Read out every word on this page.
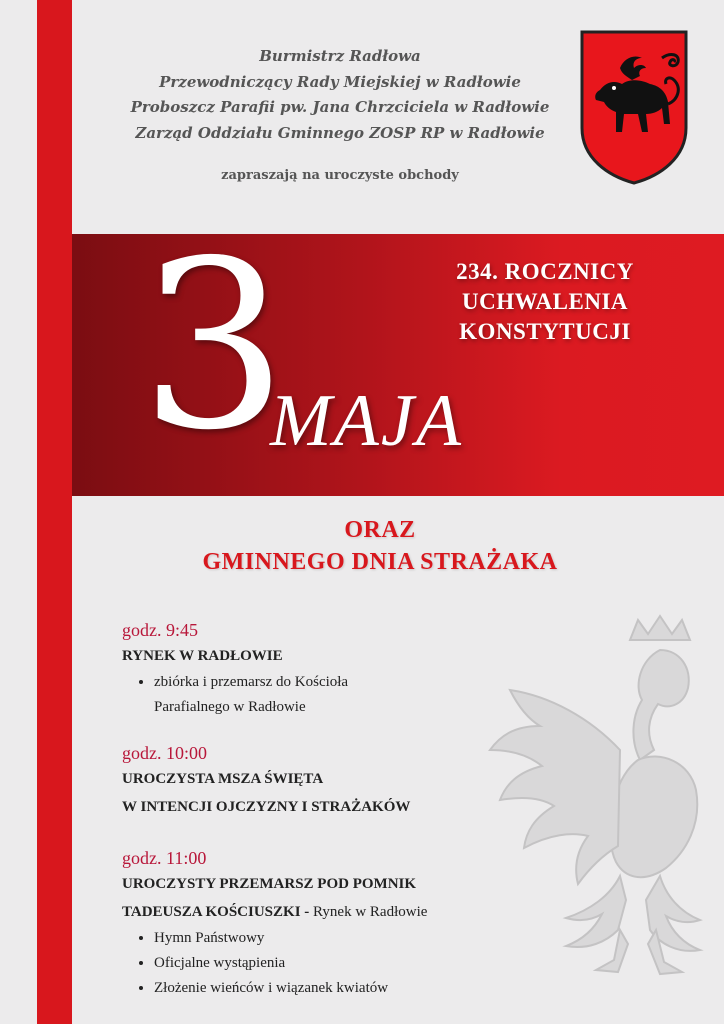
Burmistrz Radłowa
Przewodniczący Rady Miejskiej w Radłowie
Proboszcz Parafii pw. Jana Chrzciciela w Radłowie
Zarząd Oddziału Gminnego ZOSP RP w Radłowie
zapraszają na uroczyste obchody
234. ROCZNICY
UCHWALENIA
KONSTYTUCJI
3
MAJA
ORAZ
GMINNEGO DNIA STRAŻAKA
godz. 9:45
RYNEK W RADŁOWIE
• zbiórka i przemarsz do Kościoła
Parafialnego w Radłowie
godz. 10:00
UROCZYSTA MSZA ŚWIĘTA
W INTENCJI OJCZYZNY I STRAŻAKÓW
godz. 11:00
UROCZYSTY PRZEMARSZ POD POMNIK
TADEUSZA KOŚCIUSZKI - Rynek w Radłowie
• Hymn Państwowy
• Oficjalne wystąpienia
• Złożenie wieńców i wiązanek kwiatów
